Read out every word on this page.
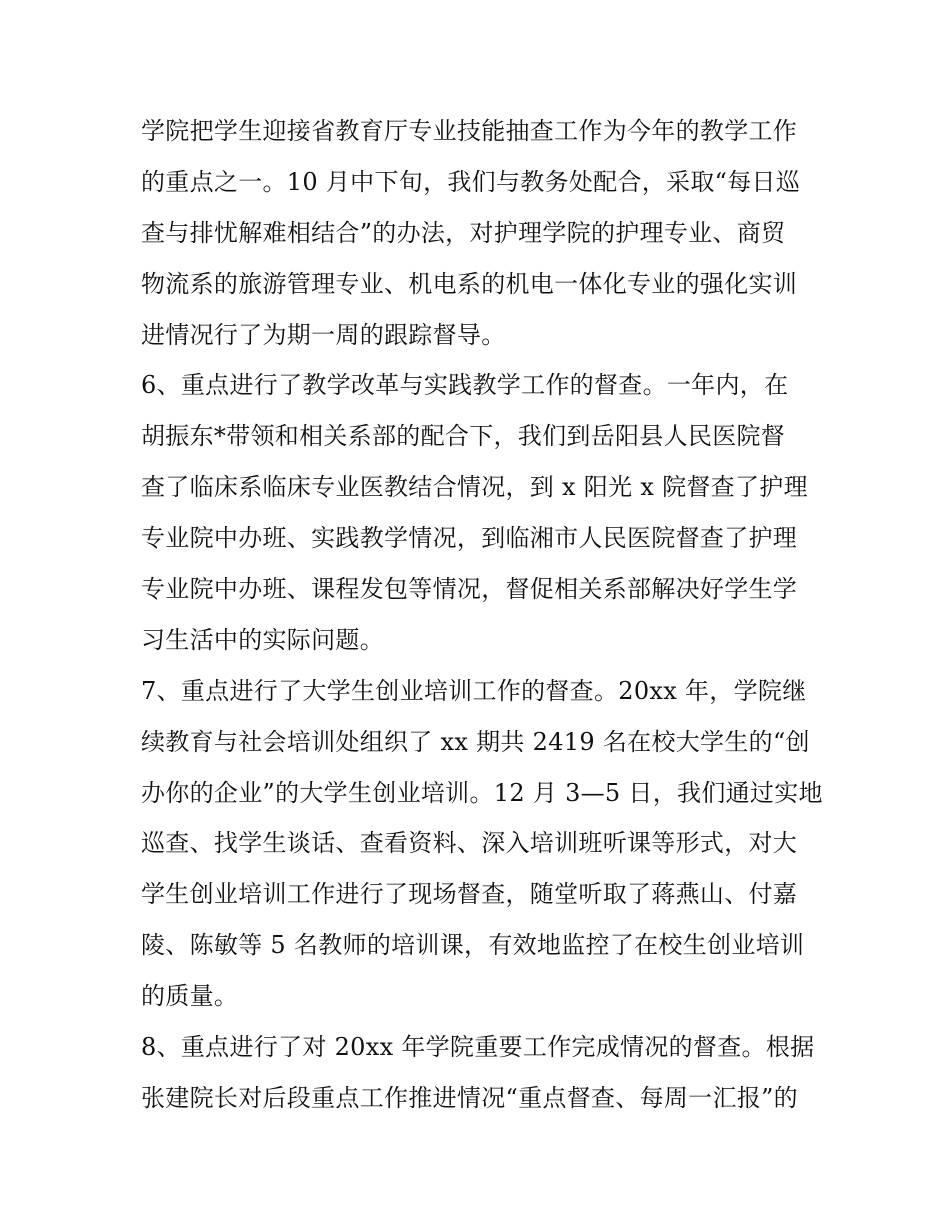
学院把学生迎接省教育厅专业技能抽查工作为今年的教学工作
的重点之一。10 月中下旬，我们与教务处配合，采取“每日巡
查与排忧解难相结合”的办法，对护理学院的护理专业、商贸
物流系的旅游管理专业、机电系的机电一体化专业的强化实训
进情况行了为期一周的跟踪督导。
6、重点进行了教学改革与实践教学工作的督查。一年内，在
胡振东*带领和相关系部的配合下，我们到岳阳县人民医院督
查了临床系临床专业医教结合情况，到 x 阳光 x 院督查了护理
专业院中办班、实践教学情况，到临湘市人民医院督查了护理
专业院中办班、课程发包等情况，督促相关系部解决好学生学
习生活中的实际问题。
7、重点进行了大学生创业培训工作的督查。20xx 年，学院继
续教育与社会培训处组织了 xx 期共 2419 名在校大学生的“创
办你的企业”的大学生创业培训。12 月 3—5 日，我们通过实地
巡查、找学生谈话、查看资料、深入培训班听课等形式，对大
学生创业培训工作进行了现场督查，随堂听取了蒋燕山、付嘉
陵、陈敏等 5 名教师的培训课，有效地监控了在校生创业培训
的质量。
8、重点进行了对 20xx 年学院重要工作完成情况的督查。根据
张建院长对后段重点工作推进情况“重点督查、每周一汇报”的
